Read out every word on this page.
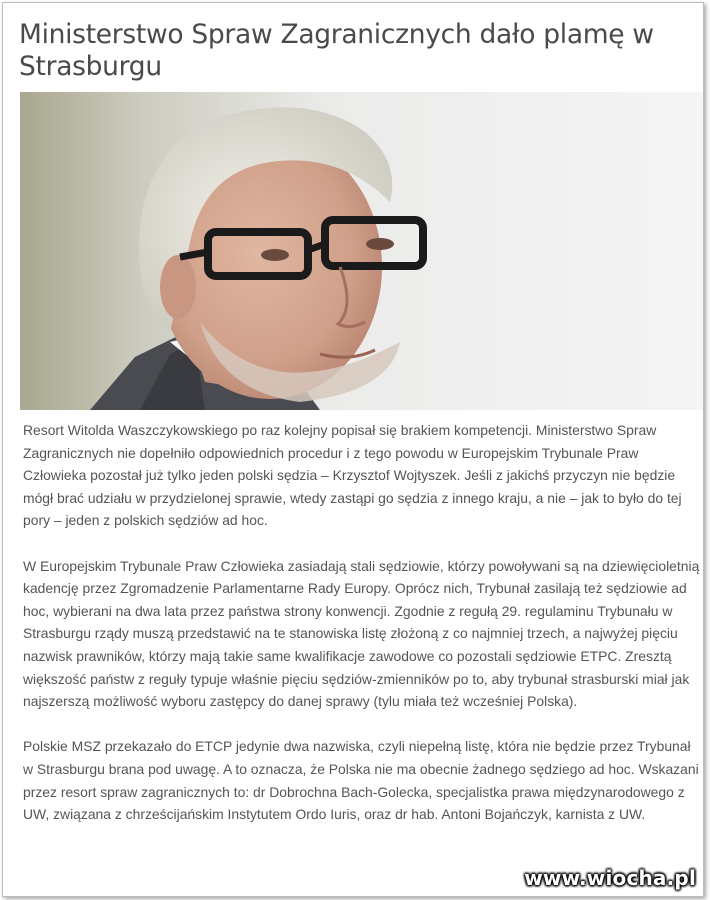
Ministerstwo Spraw Zagranicznych dało plamę w Strasburgu

Resort Witolda Waszczykowskiego po raz kolejny popisał się brakiem kompetencji. Ministerstwo Spraw Zagranicznych nie dopełniło odpowiednich procedur i z tego powodu w Europejskim Trybunale Praw Człowieka pozostał już tylko jeden polski sędzia – Krzysztof Wojtyszek. Jeśli z jakichś przyczyn nie będzie mógł brać udziału w przydzielonej sprawie, wtedy zastąpi go sędzia z innego kraju, a nie – jak to było do tej pory – jeden z polskich sędziów ad hoc.

W Europejskim Trybunale Praw Człowieka zasiadają stali sędziowie, którzy powoływani są na dziewięcioletnią kadencję przez Zgromadzenie Parlamentarne Rady Europy. Oprócz nich, Trybunał zasilają też sędziowie ad hoc, wybierani na dwa lata przez państwa strony konwencji. Zgodnie z regułą 29. regulaminu Trybunału w Strasburgu rządy muszą przedstawić na te stanowiska listę złożoną z co najmniej trzech, a najwyżej pięciu nazwisk prawników, którzy mają takie same kwalifikacje zawodowe co pozostali sędziowie ETPC. Zresztą większość państw z reguły typuje właśnie pięciu sędziów-zmienników po to, aby trybunał strasburski miał jak najszerszą możliwość wyboru zastępcy do danej sprawy (tylu miała też wcześniej Polska).

Polskie MSZ przekazało do ETCP jedynie dwa nazwiska, czyli niepełną listę, która nie będzie przez Trybunał w Strasburgu brana pod uwagę. A to oznacza, że Polska nie ma obecnie żadnego sędziego ad hoc. Wskazani przez resort spraw zagranicznych to: dr Dobrochna Bach-Golecka, specjalistka prawa międzynarodowego z UW, związana z chrześcijańskim Instytutem Ordo Iuris, oraz dr hab. Antoni Bojańczyk, karnista z UW.

www.wiocha.pl
